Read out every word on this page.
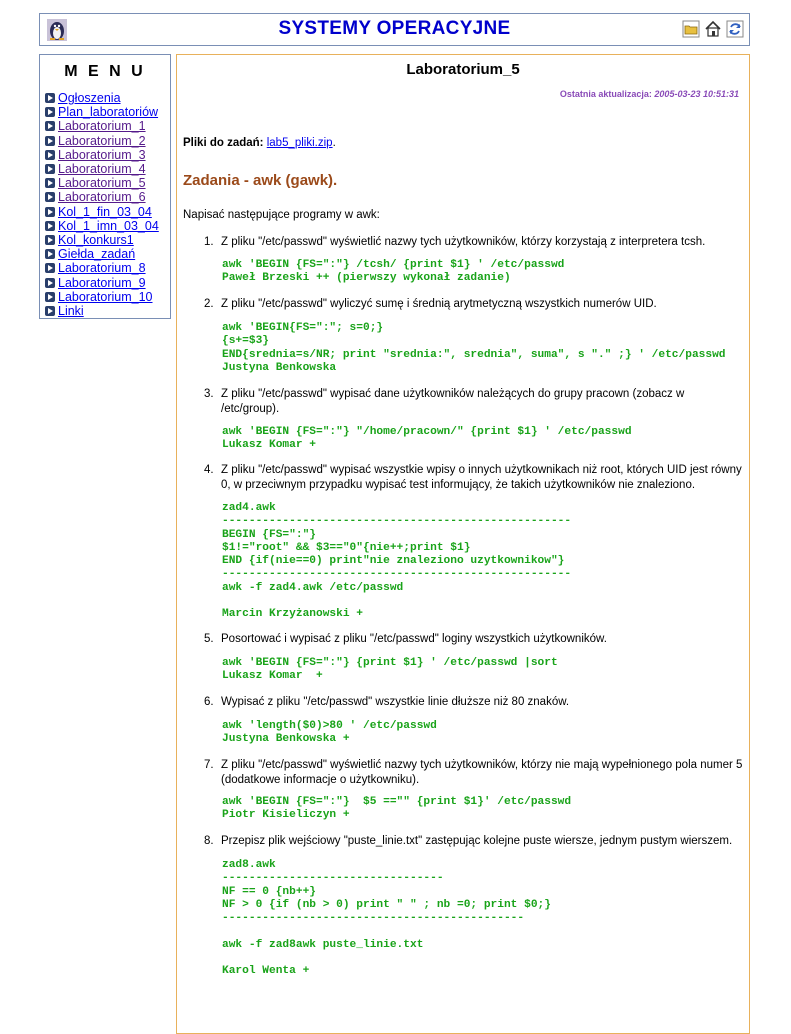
SYSTEMY OPERACYJNE
M E N U
Ogłoszenia
Plan_laboratoriów
Laboratorium_1
Laboratorium_2
Laboratorium_3
Laboratorium_4
Laboratorium_5
Laboratorium_6
Kol_1_fin_03_04
Kol_1_imn_03_04
Kol_konkurs1
Giełda_zadań
Laboratorium_8
Laboratorium_9
Laboratorium_10
Linki
Laboratorium_5
Ostatnia aktualizacja: 2005-03-23 10:51:31
Pliki do zadań: lab5_pliki.zip.
Zadania - awk (gawk).
Napisać następujące programy w awk:
1. Z pliku "/etc/passwd" wyświetlić nazwy tych użytkowników, którzy korzystają z interpretera tcsh.
awk 'BEGIN {FS=":"} /tcsh/ {print $1} ' /etc/passwd
Paweł Brzeski ++ (pierwszy wykonał zadanie)
2. Z pliku "/etc/passwd" wyliczyć sumę i średnią arytmetyczną wszystkich numerów UID.
awk 'BEGIN{FS=":"; s=0;}
{s+=$3}
END{srednia=s/NR; print "srednia:", srednia", suma", s "." ;} ' /etc/passwd
Justyna Benkowska
3. Z pliku "/etc/passwd" wypisać dane użytkowników należących do grupy pracown (zobacz w /etc/group).
awk 'BEGIN {FS=":"} "/home/pracown/" {print $1} ' /etc/passwd
Lukasz Komar +
4. Z pliku "/etc/passwd" wypisać wszystkie wpisy o innych użytkownikach niż root, których UID jest równy 0, w przeciwnym przypadku wypisać test informujący, że takich użytkowników nie znaleziono.
zad4.awk
----------------------------------------------------
BEGIN {FS=":"}
$1!="root" && $3=="0"{nie++;print $1}
END {if(nie==0) print"nie znaleziono uzytkownikow"}
----------------------------------------------------
awk -f zad4.awk /etc/passwd

Marcin Krzyżanowski +
5. Posortować i wypisać z pliku "/etc/passwd" loginy wszystkich użytkowników.
awk 'BEGIN {FS=":"} {print $1} ' /etc/passwd |sort
Lukasz Komar  +
6. Wypisać z pliku "/etc/passwd" wszystkie linie dłuższe niż 80 znaków.
awk 'length($0)>80 ' /etc/passwd
Justyna Benkowska +
7. Z pliku "/etc/passwd" wyświetlić nazwy tych użytkowników, którzy nie mają wypełnionego pola numer 5 (dodatkowe informacje o użytkowniku).
awk 'BEGIN {FS=":"}  $5 =="" {print $1}' /etc/passwd
Piotr Kisieliczyn +
8. Przepisz plik wejściowy "puste_linie.txt" zastępując kolejne puste wiersze, jednym pustym wierszem.
zad8.awk
---------------------------------
NF == 0 {nb++}
NF > 0 {if (nb > 0) print " " ; nb =0; print $0;}
---------------------------------------------

awk -f zad8awk puste_linie.txt

Karol Wenta +
